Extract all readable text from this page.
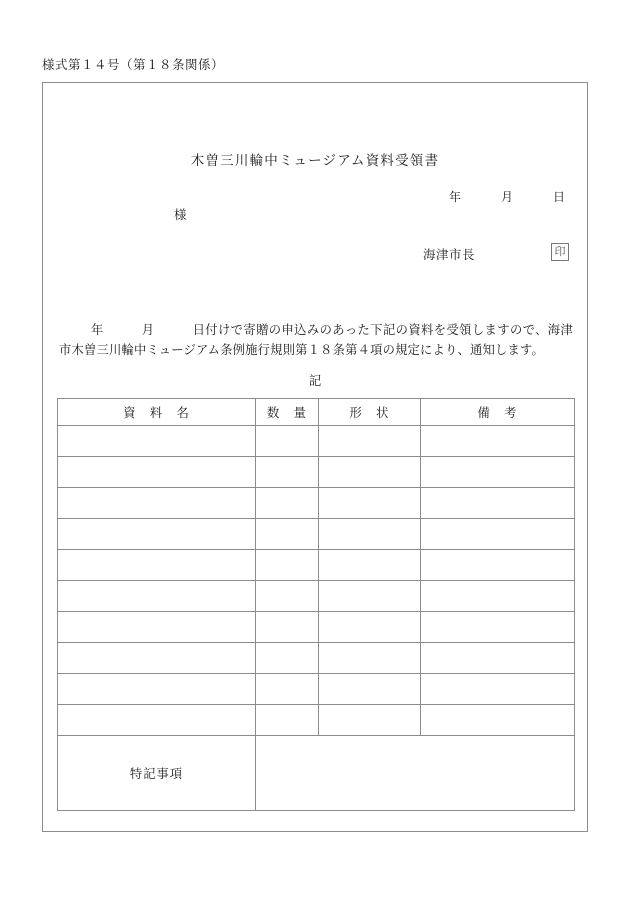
様式第１４号（第１８条関係）
木曽三川輪中ミュージアム資料受領書
年　　　月　　　日
様
海津市長	印
年　　　月　　　日付けで寄贈の申込みのあった下記の資料を受領しますので、海津市木曽三川輪中ミュージアム条例施行規則第１８条第４項の規定により、通知します。
記
資　料　名	数　量	形　状	備　考

特記事項			
